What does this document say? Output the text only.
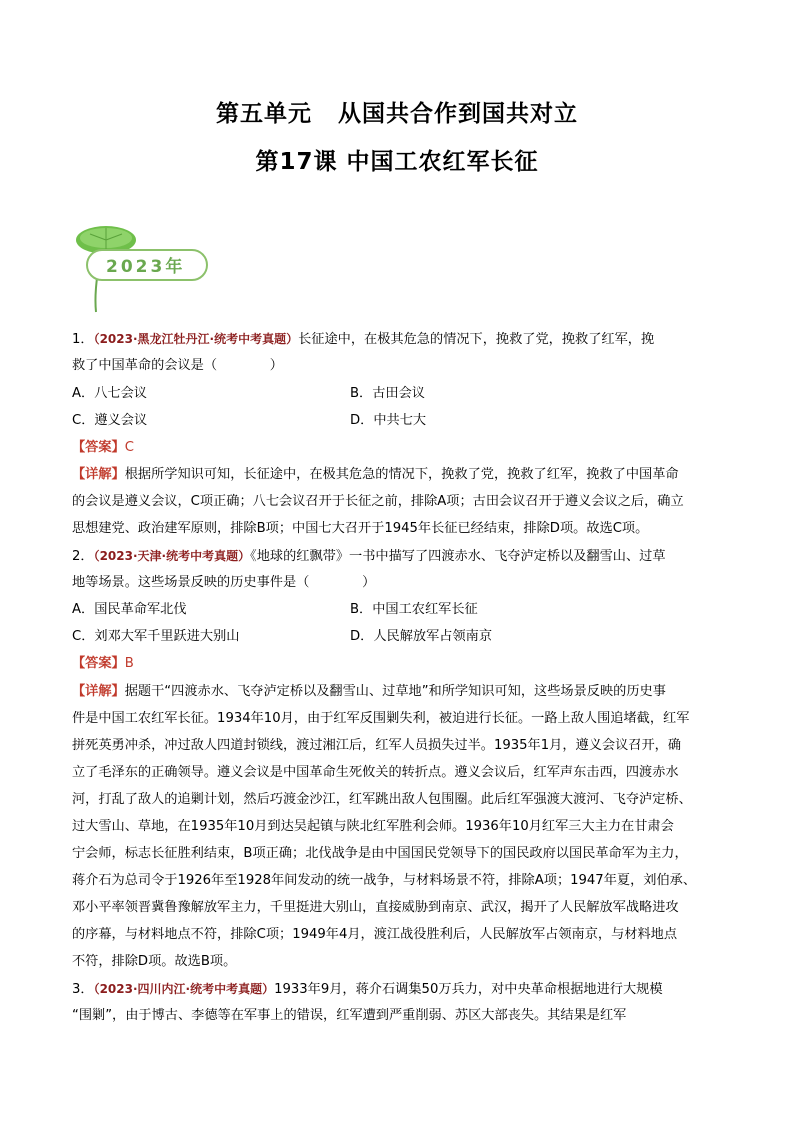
第五单元 从国共合作到国共对立
第17课 中国工农红军长征
2023年
1．（2023·黑龙江牡丹江·统考中考真题）长征途中，在极其危急的情况下，挽救了党，挽救了红军，挽
救了中国革命的会议是（　　　　）
A．八七会议	B．古田会议
C．遵义会议	D．中共七大
【答案】C
【详解】根据所学知识可知，长征途中，在极其危急的情况下，挽救了党，挽救了红军，挽救了中国革命
的会议是遵义会议，C项正确；八七会议召开于长征之前，排除A项；古田会议召开于遵义会议之后，确立
思想建党、政治建军原则，排除B项；中国七大召开于1945年长征已经结束，排除D项。故选C项。
2．（2023·天津·统考中考真题）《地球的红飘带》一书中描写了四渡赤水、飞夺泸定桥以及翻雪山、过草
地等场景。这些场景反映的历史事件是（　　　　）
A．国民革命军北伐	B．中国工农红军长征
C．刘邓大军千里跃进大别山	D．人民解放军占领南京
【答案】B
【详解】据题干“四渡赤水、飞夺泸定桥以及翻雪山、过草地”和所学知识可知，这些场景反映的历史事
件是中国工农红军长征。1934年10月，由于红军反围剿失利，被迫进行长征。一路上敌人围追堵截，红军
拼死英勇冲杀，冲过敌人四道封锁线，渡过湘江后，红军人员损失过半。1935年1月，遵义会议召开，确
立了毛泽东的正确领导。遵义会议是中国革命生死攸关的转折点。遵义会议后，红军声东击西，四渡赤水
河，打乱了敌人的追剿计划，然后巧渡金沙江，红军跳出敌人包围圈。此后红军强渡大渡河、飞夺泸定桥、
过大雪山、草地，在1935年10月到达吴起镇与陕北红军胜利会师。1936年10月红军三大主力在甘肃会
宁会师，标志长征胜利结束，B项正确；北伐战争是由中国国民党领导下的国民政府以国民革命军为主力，
蒋介石为总司令于1926年至1928年间发动的统一战争，与材料场景不符，排除A项；1947年夏，刘伯承、
邓小平率领晋冀鲁豫解放军主力，千里挺进大别山，直接威胁到南京、武汉，揭开了人民解放军战略进攻
的序幕，与材料地点不符，排除C项；1949年4月，渡江战役胜利后，人民解放军占领南京，与材料地点
不符，排除D项。故选B项。
3．（2023·四川内江·统考中考真题）1933年9月，蒋介石调集50万兵力，对中央革命根据地进行大规模
“围剿”，由于博古、李德等在军事上的错误，红军遭到严重削弱、苏区大部丧失。其结果是红军
